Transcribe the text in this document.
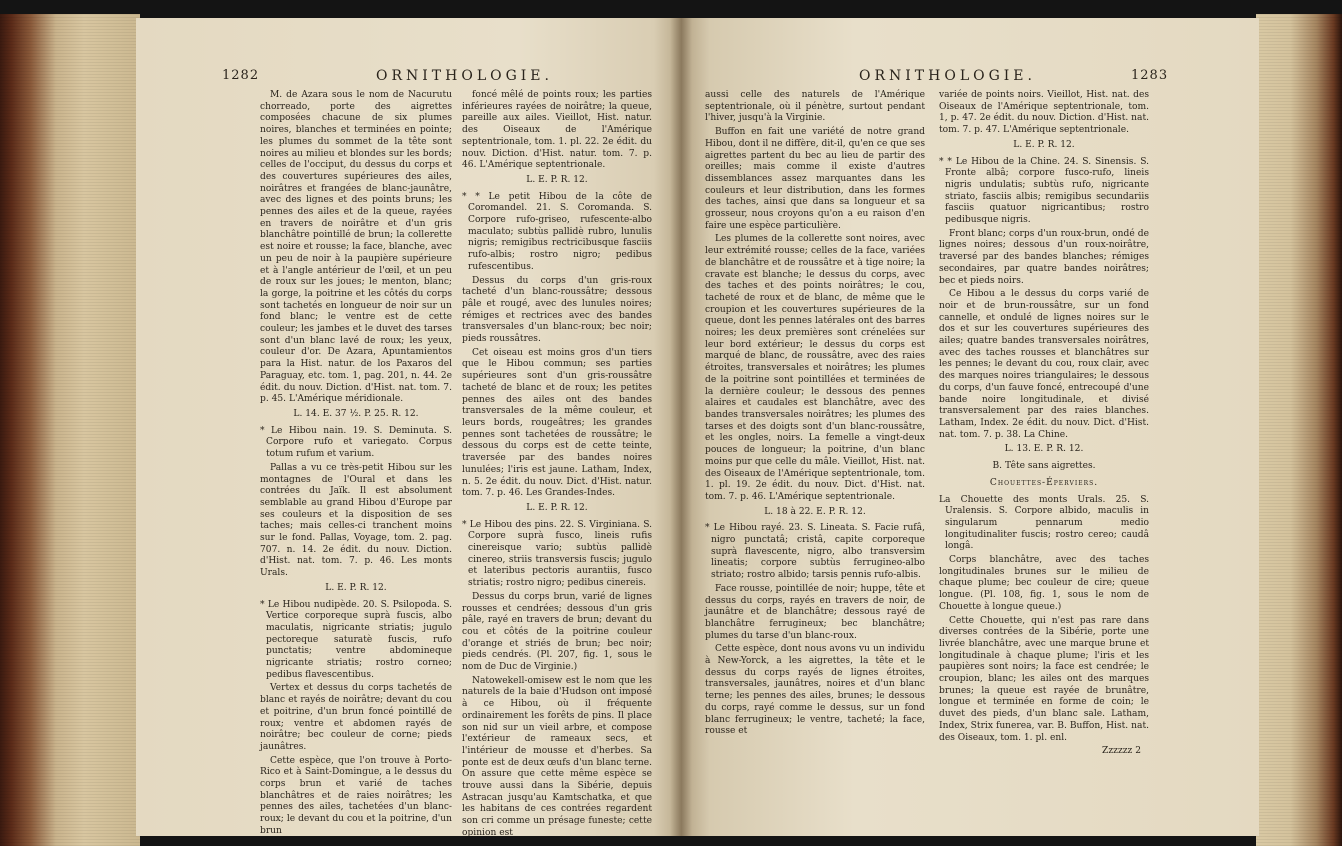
1282	ORNITHOLOGIE.

M. de Azara sous le nom de Nacurutu chorreado, porte des aigrettes composées chacune de six plumes noires, blanches et terminées en pointe; les plumes du sommet de la tête sont noires au milieu et blondes sur les bords; celles de l'occiput, du dessus du corps et des couvertures supérieures des ailes, noirâtres et frangées de blanc-jaunâtre, avec des lignes et des points bruns; les pennes des ailes et de la queue, rayées en travers de noirâtre et d'un gris blanchâtre pointillé de brun; la collerette est noire et rousse; la face, blanche, avec un peu de noir à la paupière supérieure et à l'angle antérieur de l'œil, et un peu de roux sur les joues; le menton, blanc; la gorge, la poitrine et les côtés du corps sont tachetés en longueur de noir sur un fond blanc; le ventre est de cette couleur; les jambes et le duvet des tarses sont d'un blanc lavé de roux; les yeux, couleur d'or. De Azara, Apuntamientos para la Hist. natur. de los Paxaros del Paraguay, etc. tom. 1, pag. 201, n. 44. 2e édit. du nouv. Diction. d'Hist. nat. tom. 7. p. 45. L'Amérique méridionale.

L. 14. E. 37 ½. P. 25. R. 12.

* Le Hibou nain. 19. S. Deminuta. S. Corpore rufo et variegato. Corpus totum rufum et varium.

Pallas a vu ce très-petit Hibou sur les montagnes de l'Oural et dans les contrées du Jaïk. Il est absolument semblable au grand Hibou d'Europe par ses couleurs et la disposition de ses taches; mais celles-ci tranchent moins sur le fond. Pallas, Voyage, tom. 2. pag. 707. n. 14. 2e édit. du nouv. Diction. d'Hist. nat. tom. 7. p. 46. Les monts Urals.

L. E. P. R. 12.

* Le Hibou nudipède. 20. S. Psilopoda. S. Vertice corporeque suprà fuscis, albo maculatis, nigricante striatis; jugulo pectoreque saturatè fuscis, rufo punctatis; ventre abdomineque nigricante striatis; rostro corneo; pedibus flavescentibus.

Vertex et dessus du corps tachetés de blanc et rayés de noirâtre; devant du cou et poitrine, d'un brun foncé pointillé de roux; ventre et abdomen rayés de noirâtre; bec couleur de corne; pieds jaunâtres.

Cette espèce, que l'on trouve à Porto-Rico et à Saint-Domingue, a le dessus du corps brun et varié de taches blanchâtres et de raies noirâtres; les pennes des ailes, tachetées d'un blanc-roux; le devant du cou et la poitrine, d'un brun

foncé mêlé de points roux; les parties inférieures rayées de noirâtre; la queue, pareille aux ailes. Vieillot, Hist. natur. des Oiseaux de l'Amérique septentrionale, tom. 1. pl. 22. 2e édit. du nouv. Diction. d'Hist. natur. tom. 7. p. 46. L'Amérique septentrionale.

L. E. P. R. 12.

* * Le petit Hibou de la côte de Coromandel. 21. S. Coromanda. S. Corpore rufo-griseo, rufescente-albo maculato; subtùs pallidè rubro, lunulis nigris; remigibus rectricibusque fasciis rufo-albis; rostro nigro; pedibus rufescentibus.

Dessus du corps d'un gris-roux tacheté d'un blanc-roussâtre; dessous pâle et rougé, avec des lunules noires; rémiges et rectrices avec des bandes transversales d'un blanc-roux; bec noir; pieds roussâtres.

Cet oiseau est moins gros d'un tiers que le Hibou commun; ses parties supérieures sont d'un gris-roussâtre tacheté de blanc et de roux; les petites pennes des ailes ont des bandes transversales de la même couleur, et leurs bords, rougeâtres; les grandes pennes sont tachetées de roussâtre; le dessous du corps est de cette teinte, traversée par des bandes noires lunulées; l'iris est jaune. Latham, Index, n. 5. 2e édit. du nouv. Dict. d'Hist. natur. tom. 7. p. 46. Les Grandes-Indes.

L. E. P. R. 12.

* Le Hibou des pins. 22. S. Virginiana. S. Corpore suprà fusco, lineis rufis cinereisque vario; subtùs pallidè cinereo, striis transversis fuscis; jugulo et lateribus pectoris aurantiis, fusco striatis; rostro nigro; pedibus cinereis.

Dessus du corps brun, varié de lignes rousses et cendrées; dessous d'un gris pâle, rayé en travers de brun; devant du cou et côtés de la poitrine couleur d'orange et striés de brun; bec noir; pieds cendrés. (Pl. 207, fig. 1, sous le nom de Duc de Virginie.)

Natowekell-omisew est le nom que les naturels de la baie d'Hudson ont imposé à ce Hibou, où il fréquente ordinairement les forêts de pins. Il place son nid sur un vieil arbre, et compose l'extérieur de rameaux secs, et l'intérieur de mousse et d'herbes. Sa ponte est de deux œufs d'un blanc terne. On assure que cette même espèce se trouve aussi dans la Sibérie, depuis Astracan jusqu'au Kamtschatka, et que les habitans de ces contrées regardent son cri comme un présage funeste; cette opinion est

ORNITHOLOGIE.	1283

aussi celle des naturels de l'Amérique septentrionale, où il pénètre, surtout pendant l'hiver, jusqu'à la Virginie.

Buffon en fait une variété de notre grand Hibou, dont il ne diffère, dit-il, qu'en ce que ses aigrettes partent du bec au lieu de partir des oreilles; mais comme il existe d'autres dissemblances assez marquantes dans les couleurs et leur distribution, dans les formes des taches, ainsi que dans sa longueur et sa grosseur, nous croyons qu'on a eu raison d'en faire une espèce particulière.

Les plumes de la collerette sont noires, avec leur extrémité rousse; celles de la face, variées de blanchâtre et de roussâtre et à tige noire; la cravate est blanche; le dessus du corps, avec des taches et des points noirâtres; le cou, tacheté de roux et de blanc, de même que le croupion et les couvertures supérieures de la queue, dont les pennes latérales ont des barres noires; les deux premières sont crénelées sur leur bord extérieur; le dessus du corps est marqué de blanc, de roussâtre, avec des raies étroites, transversales et noirâtres; les plumes de la poitrine sont pointillées et terminées de la dernière couleur; le dessous des pennes alaires et caudales est blanchâtre, avec des bandes transversales noirâtres; les plumes des tarses et des doigts sont d'un blanc-roussâtre, et les ongles, noirs. La femelle a vingt-deux pouces de longueur; la poitrine, d'un blanc moins pur que celle du mâle. Vieillot, Hist. nat. des Oiseaux de l'Amérique septentrionale, tom. 1. pl. 19. 2e édit. du nouv. Dict. d'Hist. nat. tom. 7. p. 46. L'Amérique septentrionale.

L. 18 à 22. E. P. R. 12.

* Le Hibou rayé. 23. S. Lineata. S. Facie rufâ, nigro punctatâ; cristâ, capite corporeque suprà flavescente, nigro, albo transversìm lineatis; corpore subtùs ferrugineo-albo striato; rostro albido; tarsis pennis rufo-albis.

Face rousse, pointillée de noir; huppe, tête et dessus du corps, rayés en travers de noir, de jaunâtre et de blanchâtre; dessous rayé de blanchâtre ferrugineux; bec blanchâtre; plumes du tarse d'un blanc-roux.

Cette espèce, dont nous avons vu un individu à New-Yorck, a les aigrettes, la tête et le dessus du corps rayés de lignes étroites, transversales, jaunâtres, noires et d'un blanc terne; les pennes des ailes, brunes; le dessous du corps, rayé comme le dessus, sur un fond blanc ferrugineux; le ventre, tacheté; la face, rousse et

variée de points noirs. Vieillot, Hist. nat. des Oiseaux de l'Amérique septentrionale, tom. 1, p. 47. 2e édit. du nouv. Diction. d'Hist. nat. tom. 7. p. 47. L'Amérique septentrionale.

L. E. P. R. 12.

* * Le Hibou de la Chine. 24. S. Sinensis. S. Fronte albâ; corpore fusco-rufo, lineis nigris undulatis; subtùs rufo, nigricante striato, fasciis albis; remigibus secundariis fasciis quatuor nigricantibus; rostro pedibusque nigris.

Front blanc; corps d'un roux-brun, ondé de lignes noires; dessous d'un roux-noirâtre, traversé par des bandes blanches; rémiges secondaires, par quatre bandes noirâtres; bec et pieds noirs.

Ce Hibou a le dessus du corps varié de noir et de brun-roussâtre, sur un fond cannelle, et ondulé de lignes noires sur le dos et sur les couvertures supérieures des ailes; quatre bandes transversales noirâtres, avec des taches rousses et blanchâtres sur les pennes; le devant du cou, roux clair, avec des marques noires triangulaires; le dessous du corps, d'un fauve foncé, entrecoupé d'une bande noire longitudinale, et divisé transversalement par des raies blanches. Latham, Index. 2e édit. du nouv. Dict. d'Hist. nat. tom. 7. p. 38. La Chine.

L. 13. E. P. R. 12.
B. Tête sans aigrettes.
Chouettes-Éperviers.

La Chouette des monts Urals. 25. S. Uralensis. S. Corpore albido, maculis in singularum pennarum medio longitudinaliter fuscis; rostro cereo; caudâ longâ.

Corps blanchâtre, avec des taches longitudinales brunes sur le milieu de chaque plume; bec couleur de cire; queue longue. (Pl. 108, fig. 1, sous le nom de Chouette à longue queue.)

Cette Chouette, qui n'est pas rare dans diverses contrées de la Sibérie, porte une livrée blanchâtre, avec une marque brune et longitudinale à chaque plume; l'iris et les paupières sont noirs; la face est cendrée; le croupion, blanc; les ailes ont des marques brunes; la queue est rayée de brunâtre, longue et terminée en forme de coin; le duvet des pieds, d'un blanc sale. Latham, Index, Strix funerea, var. B. Buffon, Hist. nat. des Oiseaux, tom. 1. pl. enl.

Zzzzzz 2
